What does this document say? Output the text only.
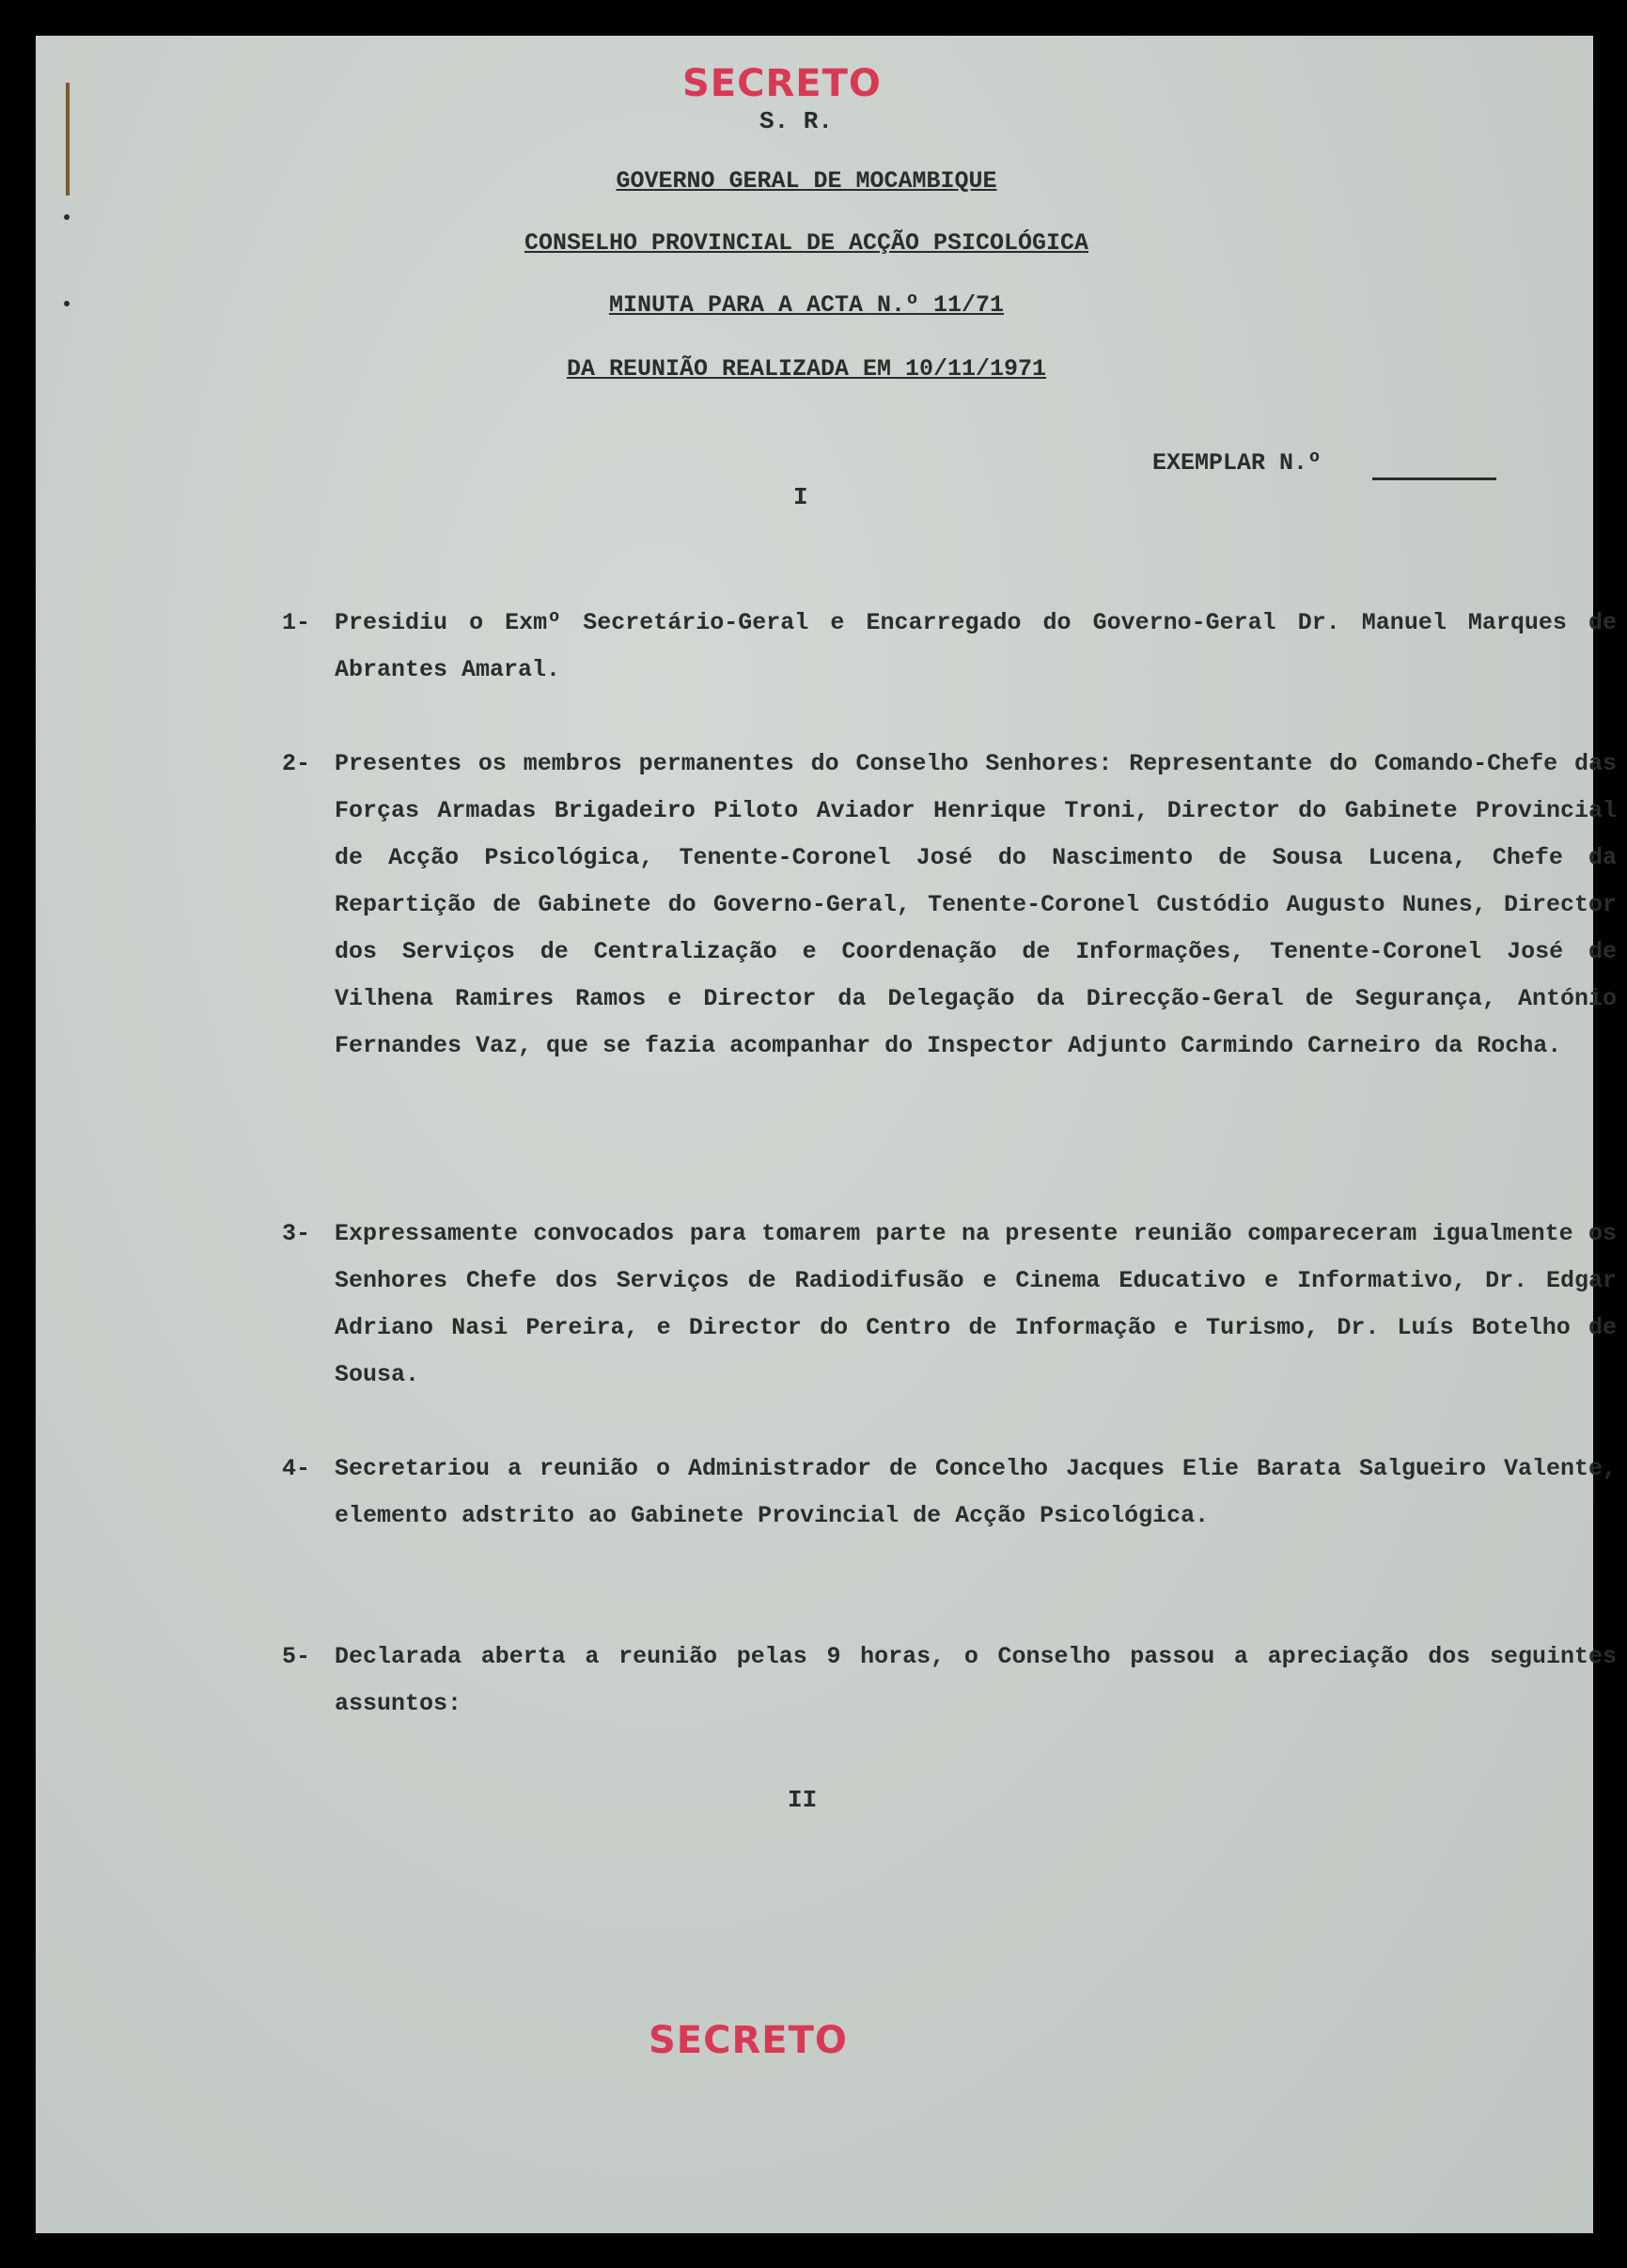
SECRETO
S. R.
GOVERNO GERAL DE MOCAMBIQUE
CONSELHO PROVINCIAL DE ACÇÃO PSICOLÓGICA
MINUTA PARA A ACTA N.º 11/71
DA REUNIÃO REALIZADA EM 10/11/1971
EXEMPLAR N.º
I
1- Presidiu o Exmº Secretário-Geral e Encarregado do Governo-Geral Dr. Manuel Marques de Abrantes Amaral.
2- Presentes os membros permanentes do Conselho Senhores: Representante do Comando-Chefe das Forças Armadas Brigadeiro Piloto Aviador Henrique Troni, Director do Gabinete Provincial de Acção Psicológica, Tenente-Coronel José do Nascimento de Sousa Lucena, Chefe da Repartição de Gabinete do Governo-Geral, Tenente-Coronel Custódio Augusto Nunes, Director dos Serviços de Centralização e Coordenação de Informações, Tenente-Coronel José de Vilhena Ramires Ramos e Director da Delegação da Direcção-Geral de Segurança, António Fernandes Vaz, que se fazia acompanhar do Inspector Adjunto Carmindo Carneiro da Rocha.
3- Expressamente convocados para tomarem parte na presente reunião compareceram igualmente os Senhores Chefe dos Serviços de Radiodifusão e Cinema Educativo e Informativo, Dr. Edgar Adriano Nasi Pereira, e Director do Centro de Informação e Turismo, Dr. Luís Botelho de Sousa.
4- Secretariou a reunião o Administrador de Concelho Jacques Elie Barata Salgueiro Valente, elemento adstrito ao Gabinete Provincial de Acção Psicológica.
5- Declarada aberta a reunião pelas 9 horas, o Conselho passou a apreciação dos seguintes assuntos:
II
SECRETO
